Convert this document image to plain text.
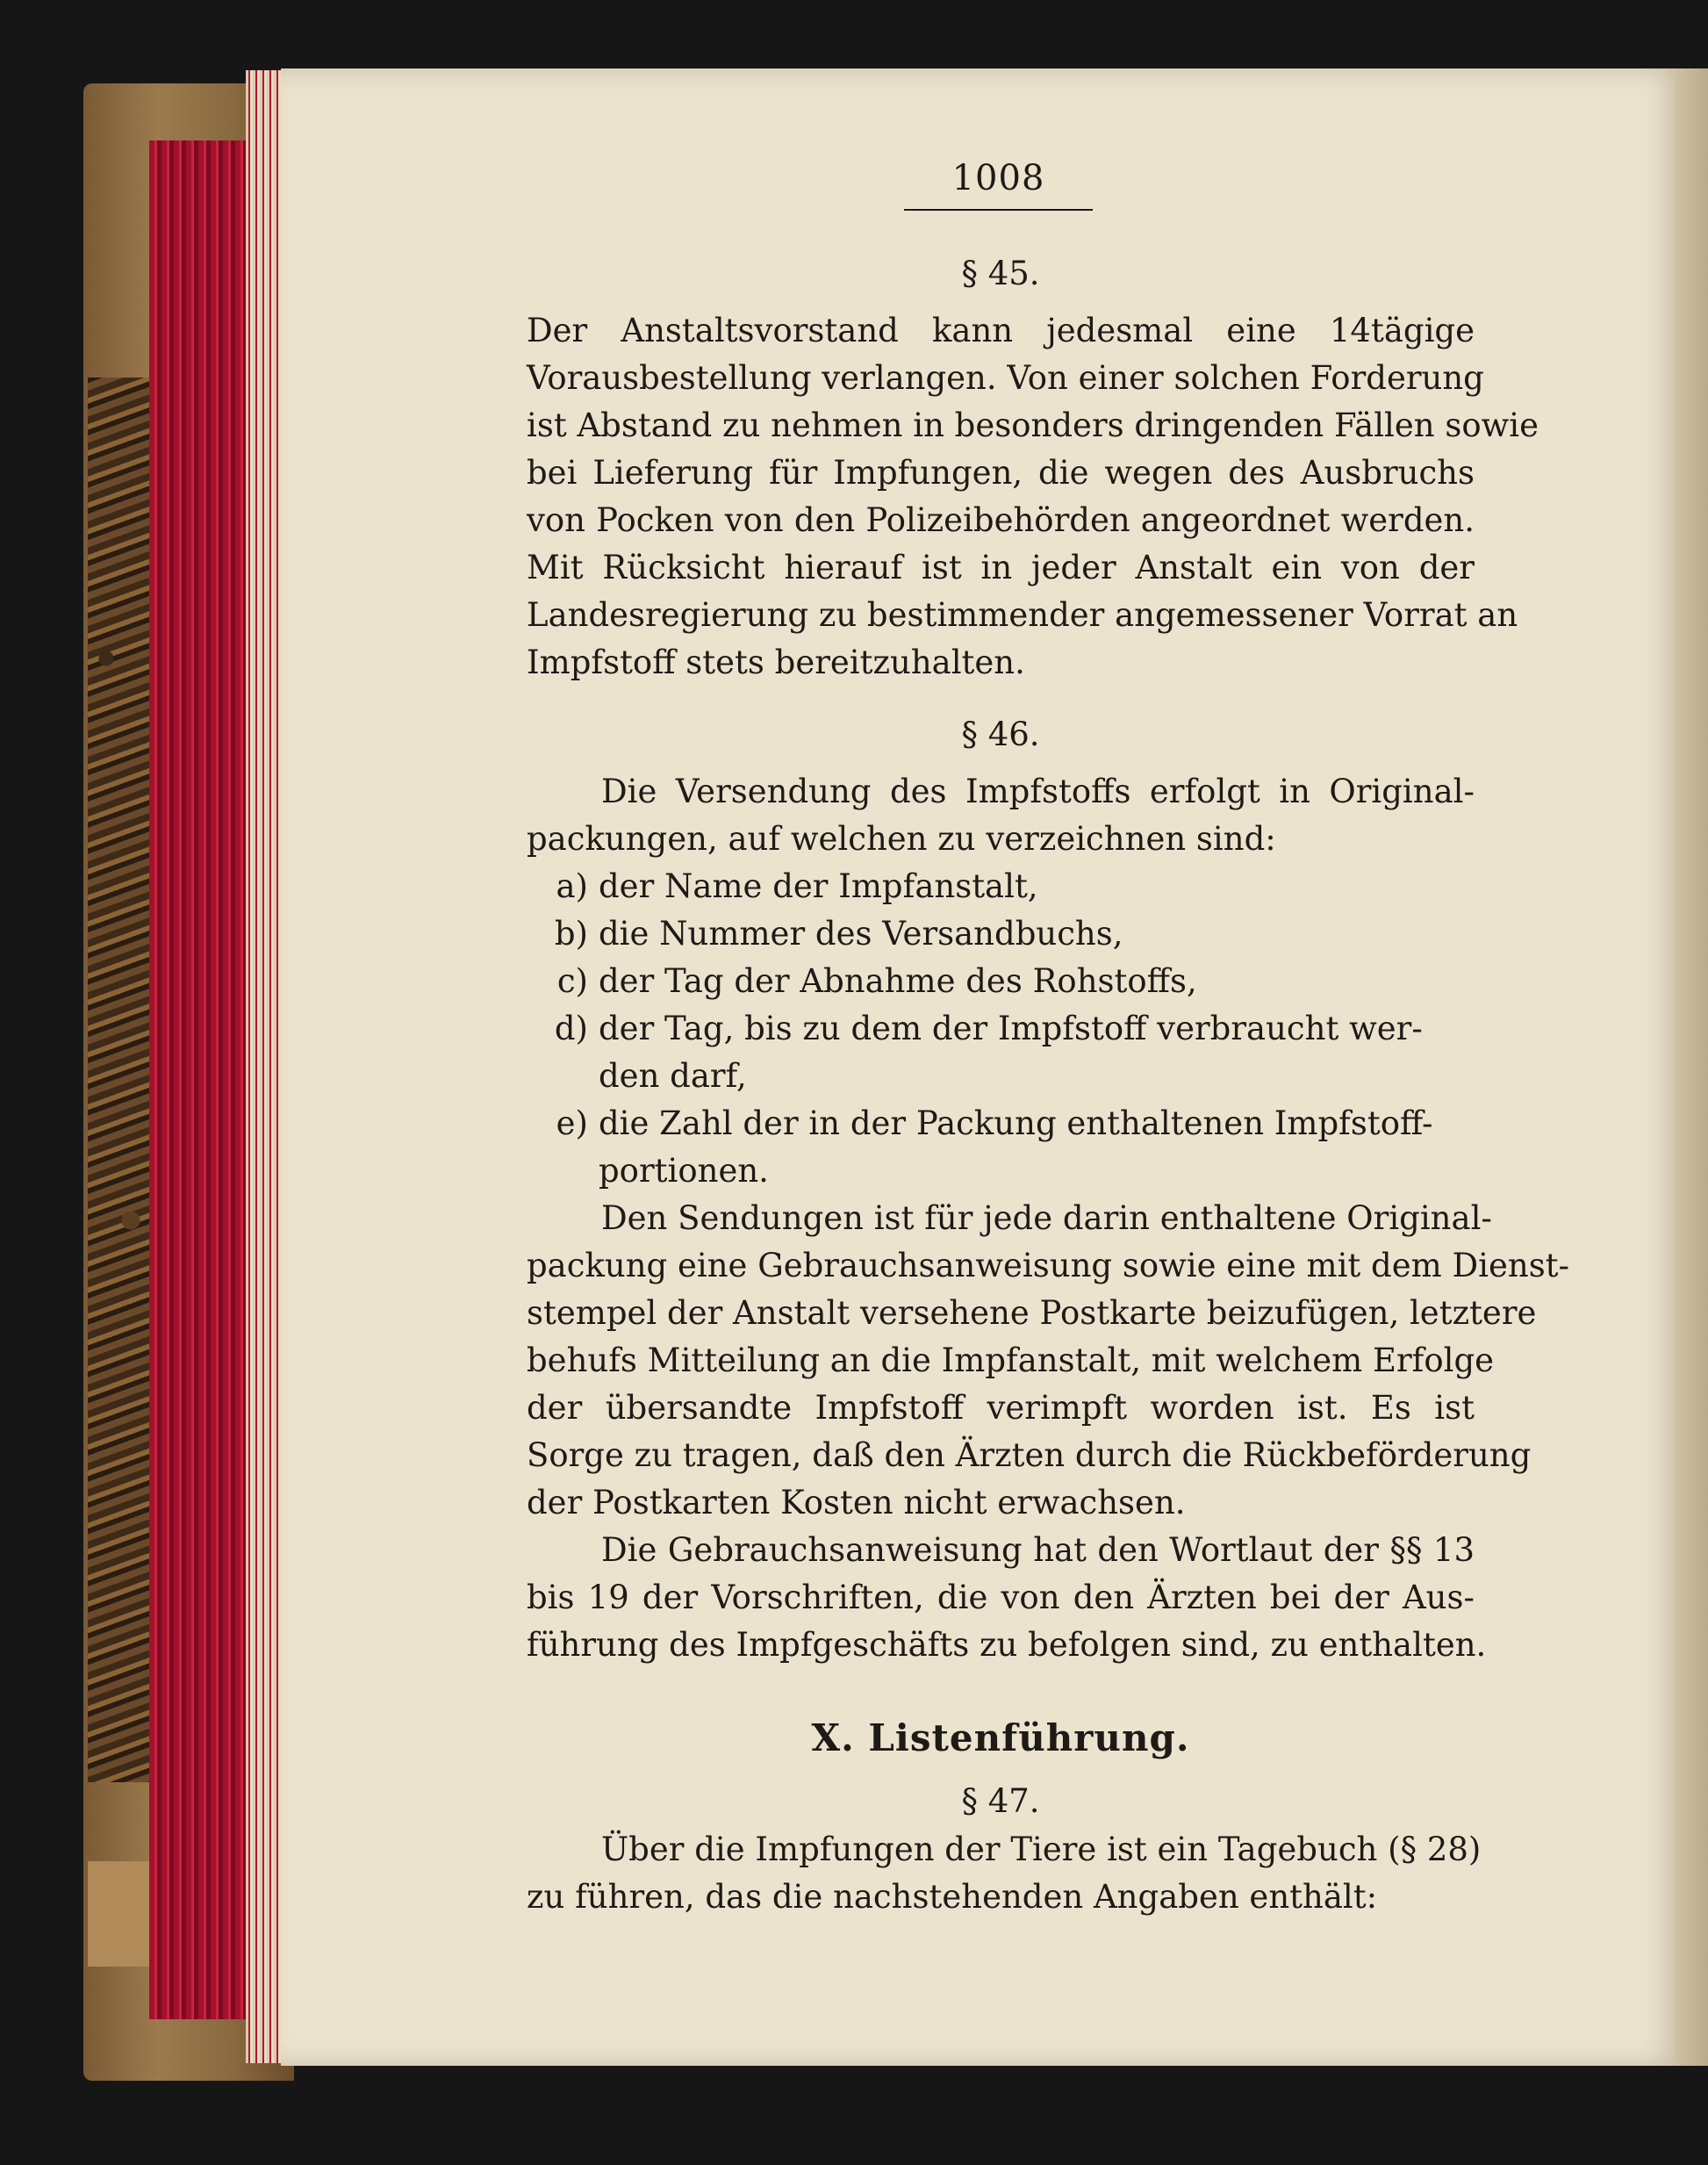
1008
§ 45.
Der Anstaltsvorstand kann jedesmal eine 14tägige
Vorausbestellung verlangen. Von einer solchen Forderung
ist Abstand zu nehmen in besonders dringenden Fällen sowie
bei Lieferung für Impfungen, die wegen des Ausbruchs
von Pocken von den Polizeibehörden angeordnet werden.
Mit Rücksicht hierauf ist in jeder Anstalt ein von der
Landesregierung zu bestimmender angemessener Vorrat an
Impfstoff stets bereitzuhalten.
§ 46.
Die Versendung des Impfstoffs erfolgt in Original-
packungen, auf welchen zu verzeichnen sind:
a) der Name der Impfanstalt,
b) die Nummer des Versandbuchs,
c) der Tag der Abnahme des Rohstoffs,
d) der Tag, bis zu dem der Impfstoff verbraucht wer-
den darf,
e) die Zahl der in der Packung enthaltenen Impfstoff-
portionen.
Den Sendungen ist für jede darin enthaltene Original-
packung eine Gebrauchsanweisung sowie eine mit dem Dienst-
stempel der Anstalt versehene Postkarte beizufügen, letztere
behufs Mitteilung an die Impfanstalt, mit welchem Erfolge
der übersandte Impfstoff verimpft worden ist. Es ist
Sorge zu tragen, daß den Ärzten durch die Rückbeförderung
der Postkarten Kosten nicht erwachsen.
Die Gebrauchsanweisung hat den Wortlaut der §§ 13
bis 19 der Vorschriften, die von den Ärzten bei der Aus-
führung des Impfgeschäfts zu befolgen sind, zu enthalten.
X. Listenführung.
§ 47.
Über die Impfungen der Tiere ist ein Tagebuch (§ 28)
zu führen, das die nachstehenden Angaben enthält:
